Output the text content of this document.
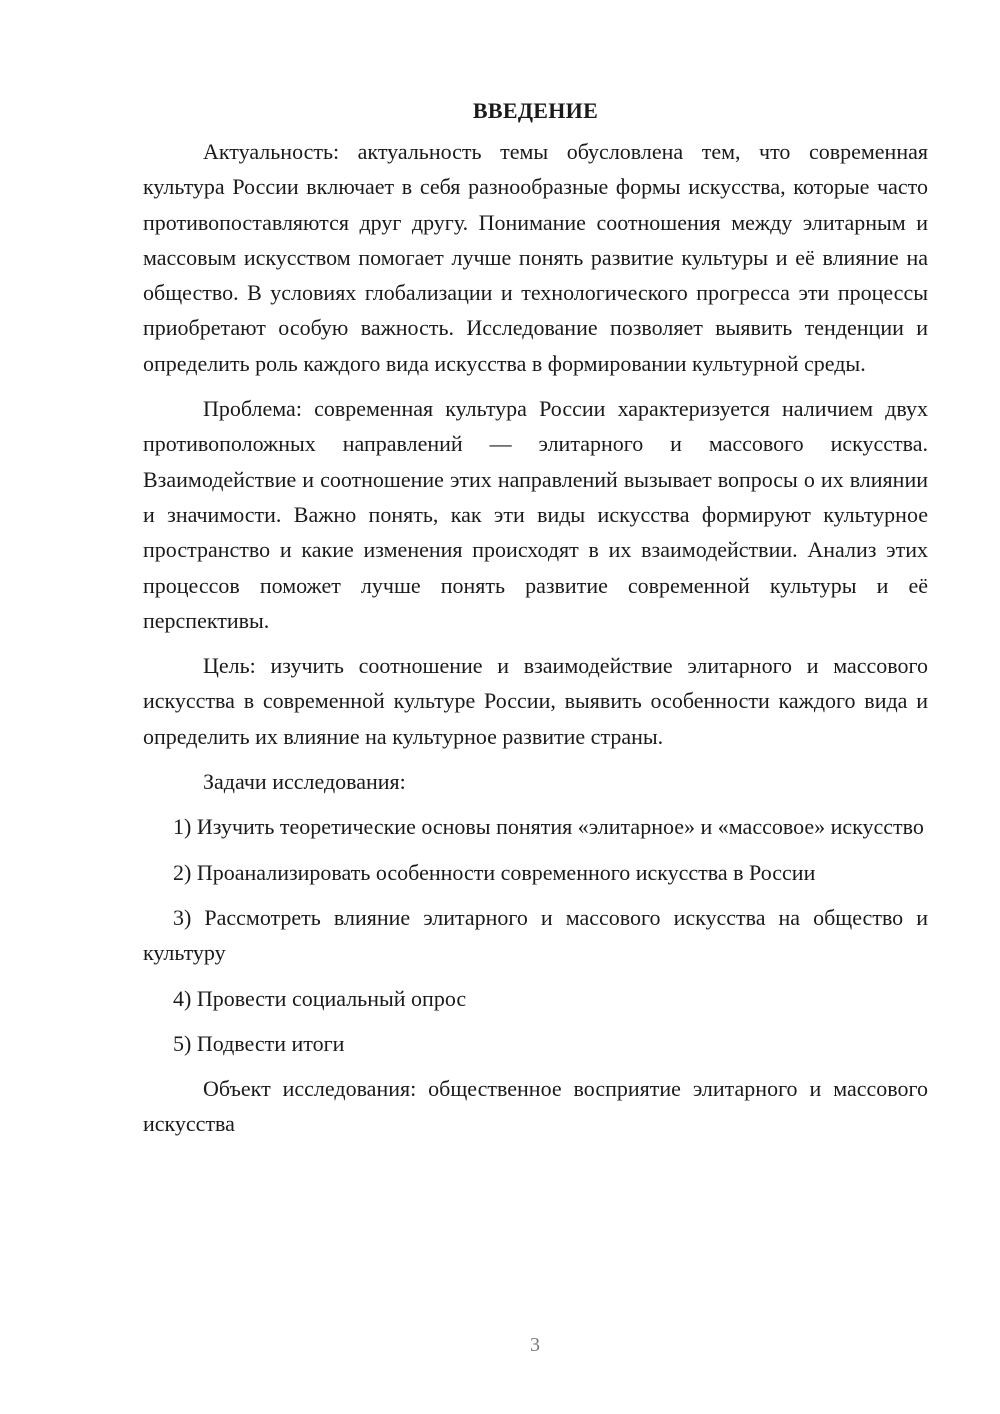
ВВЕДЕНИЕ

Актуальность: актуальность темы обусловлена тем, что современная культура России включает в себя разнообразные формы искусства, которые часто противопоставляются друг другу. Понимание соотношения между элитарным и массовым искусством помогает лучше понять развитие культуры и её влияние на общество. В условиях глобализации и технологического прогресса эти процессы приобретают особую важность. Исследование позволяет выявить тенденции и определить роль каждого вида искусства в формировании культурной среды.

Проблема: современная культура России характеризуется наличием двух противоположных направлений — элитарного и массового искусства. Взаимодействие и соотношение этих направлений вызывает вопросы о их влиянии и значимости. Важно понять, как эти виды искусства формируют культурное пространство и какие изменения происходят в их взаимодействии. Анализ этих процессов поможет лучше понять развитие современной культуры и её перспективы.

Цель: изучить соотношение и взаимодействие элитарного и массового искусства в современной культуре России, выявить особенности каждого вида и определить их влияние на культурное развитие страны.

Задачи исследования:

1) Изучить теоретические основы понятия «элитарное» и «массовое» искусство

2) Проанализировать особенности современного искусства в России

3) Рассмотреть влияние элитарного и массового искусства на общество и культуру

4) Провести социальный опрос

5) Подвести итоги

Объект исследования: общественное восприятие элитарного и массового искусства

3
